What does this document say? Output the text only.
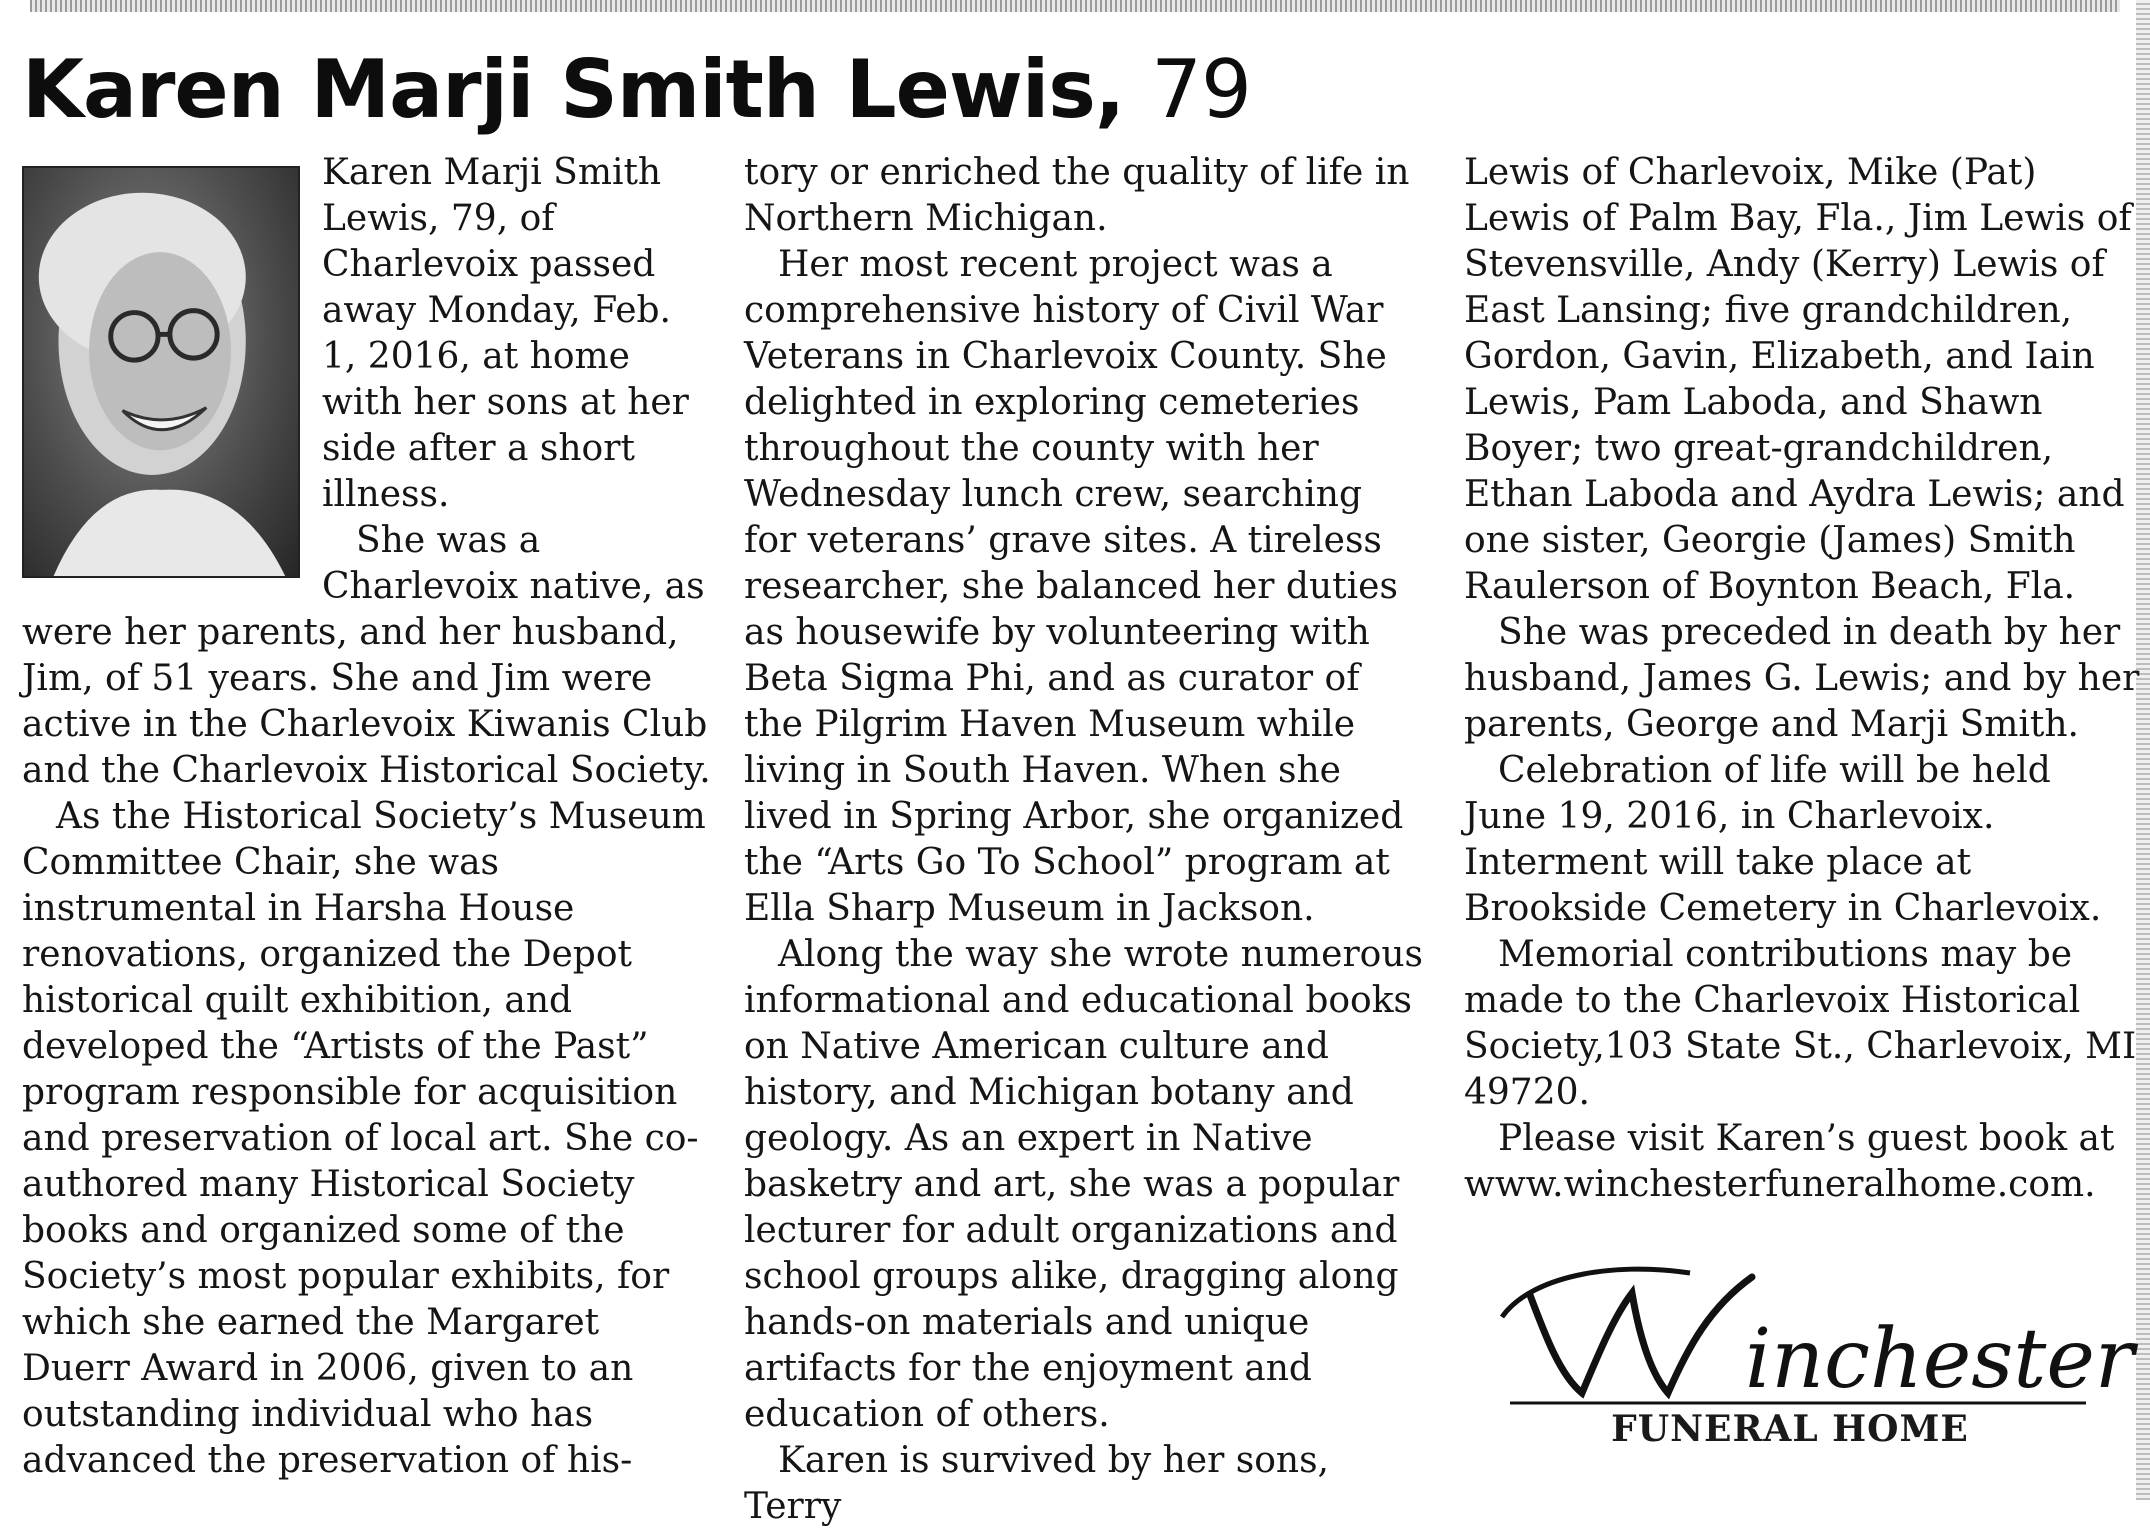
Karen Marji Smith Lewis, 79

Karen Marji Smith Lewis, 79, of Charlevoix passed away Monday, Feb. 1, 2016, at home with her sons at her side after a short illness.

She was a Charlevoix native, as were her parents, and her husband, Jim, of 51 years. She and Jim were active in the Charlevoix Kiwanis Club and the Charlevoix Historical Society.

As the Historical Society’s Museum Committee Chair, she was instrumental in Harsha House renovations, organized the Depot historical quilt exhibition, and developed the “Artists of the Past” program responsible for acquisition and preservation of local art. She co-authored many Historical Society books and organized some of the Society’s most popular exhibits, for which she earned the Margaret Duerr Award in 2006, given to an outstanding individual who has advanced the preservation of his-

tory or enriched the quality of life in Northern Michigan.

Her most recent project was a comprehensive history of Civil War Veterans in Charlevoix County. She delighted in exploring cemeteries throughout the county with her Wednesday lunch crew, searching for veterans’ grave sites. A tireless researcher, she balanced her duties as housewife by volunteering with Beta Sigma Phi, and as curator of the Pilgrim Haven Museum while living in South Haven. When she lived in Spring Arbor, she organized the “Arts Go To School” program at Ella Sharp Museum in Jackson.

Along the way she wrote numerous informational and educational books on Native American culture and history, and Michigan botany and geology. As an expert in Native basketry and art, she was a popular lecturer for adult organizations and school groups alike, dragging along hands-on materials and unique artifacts for the enjoyment and education of others.

Karen is survived by her sons, Terry

Lewis of Charlevoix, Mike (Pat) Lewis of Palm Bay, Fla., Jim Lewis of Stevensville, Andy (Kerry) Lewis of East Lansing; five grandchildren, Gordon, Gavin, Elizabeth, and Iain Lewis, Pam Laboda, and Shawn Boyer; two great-grandchildren, Ethan Laboda and Aydra Lewis; and one sister, Georgie (James) Smith Raulerson of Boynton Beach, Fla.

She was preceded in death by her husband, James G. Lewis; and by her parents, George and Marji Smith.

Celebration of life will be held June 19, 2016, in Charlevoix. Interment will take place at Brookside Cemetery in Charlevoix.

Memorial contributions may be made to the Charlevoix Historical Society,103 State St., Charlevoix, MI 49720.

Please visit Karen’s guest book at www.winchesterfuneralhome.com.

inchester
FUNERAL HOME
